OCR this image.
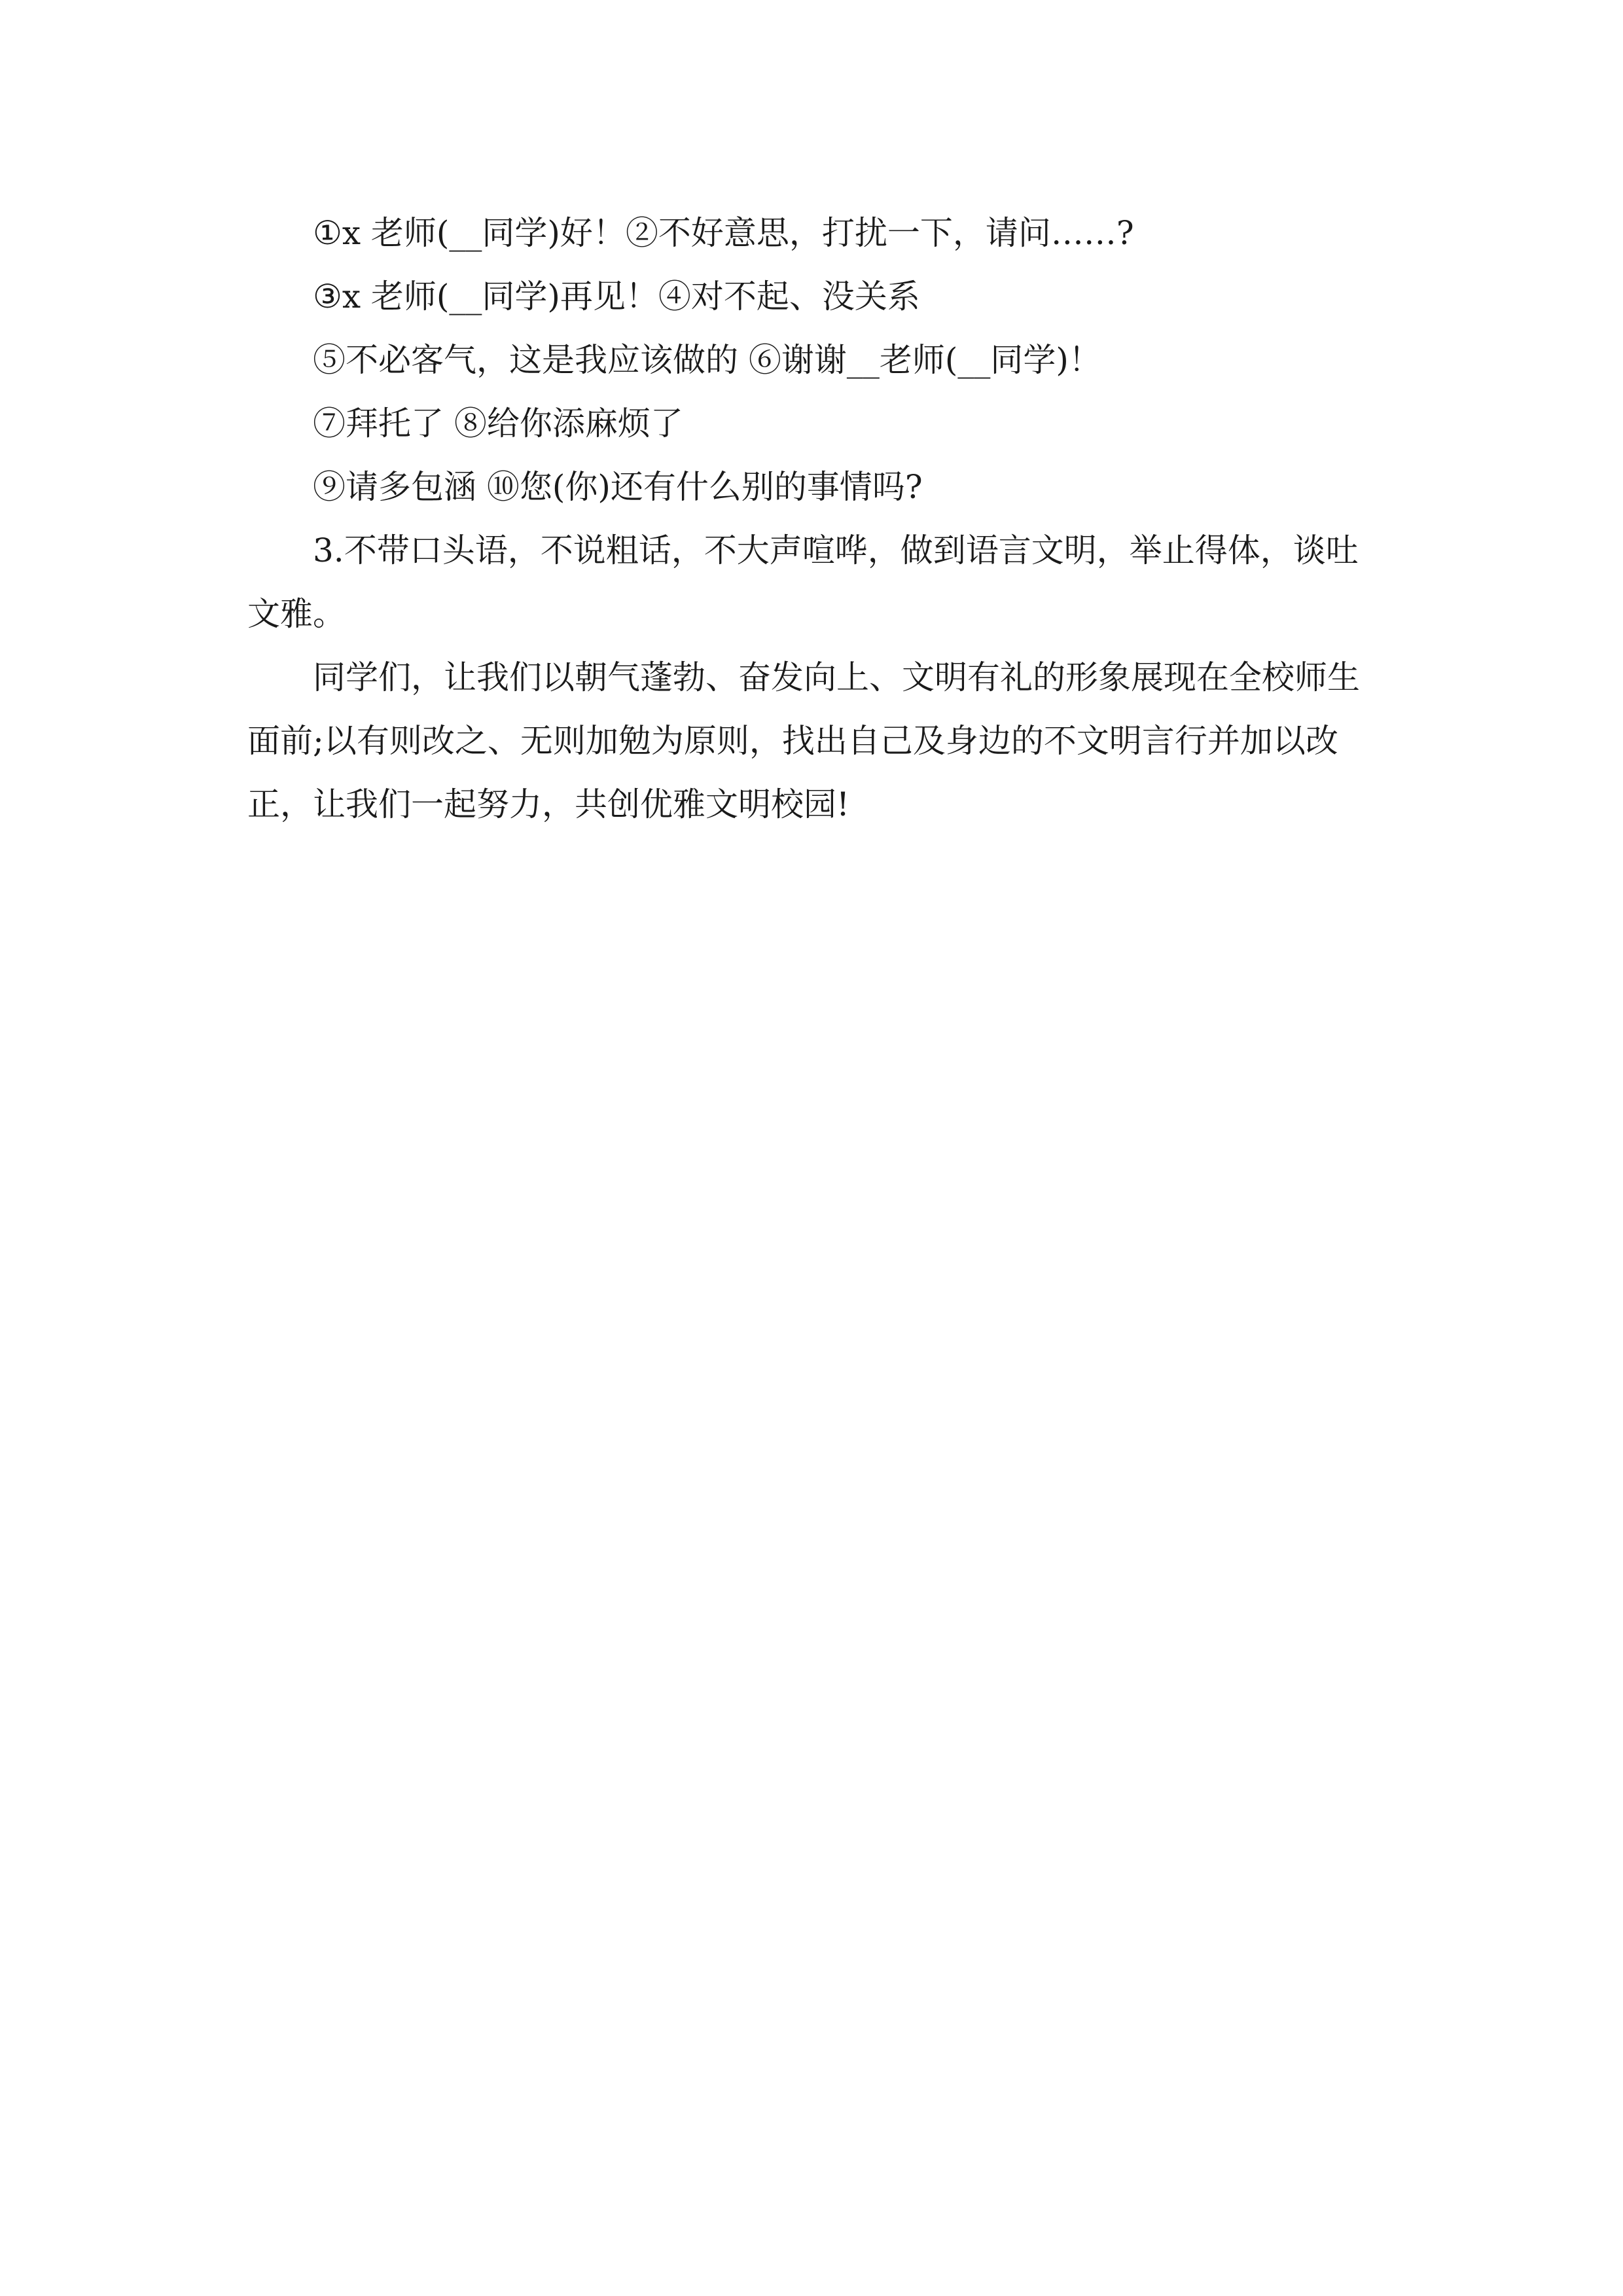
①x 老师(__同学)好！②不好意思，打扰一下，请问……?

③x 老师(__同学)再见！④对不起、没关系

⑤不必客气，这是我应该做的 ⑥谢谢__老师(__同学)！

⑦拜托了 ⑧给你添麻烦了

⑨请多包涵 ⑩您(你)还有什么别的事情吗?

3.不带口头语，不说粗话，不大声喧哗，做到语言文明，举止得体，谈吐文雅。

同学们，让我们以朝气蓬勃、奋发向上、文明有礼的形象展现在全校师生面前;以有则改之、无则加勉为原则，找出自己及身边的不文明言行并加以改正，让我们一起努力，共创优雅文明校园!
